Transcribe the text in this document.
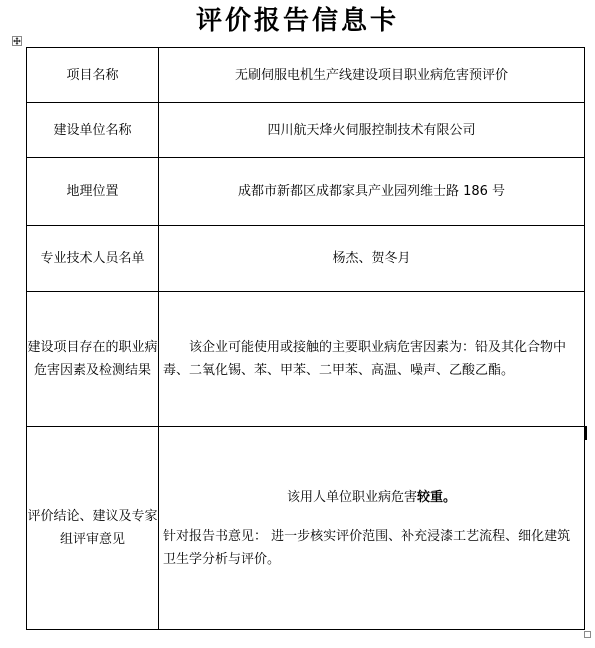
评价报告信息卡
项目名称	无刷伺服电机生产线建设项目职业病危害预评价
建设单位名称	四川航天烽火伺服控制技术有限公司
地理位置	成都市新都区成都家具产业园列维士路 186 号
专业技术人员名单	杨杰、贺冬月
建设项目存在的职业病危害因素及检测结果	该企业可能使用或接触的主要职业病危害因素为：铅及其化合物中毒、二氧化锡、苯、甲苯、二甲苯、高温、噪声、乙酸乙酯。

评价结论、建议及专家组评审意见	该用人单位职业病危害较重。

针对报告书意见： 进一步核实评价范围、补充浸漆工艺流程、细化建筑卫生学分析与评价。
